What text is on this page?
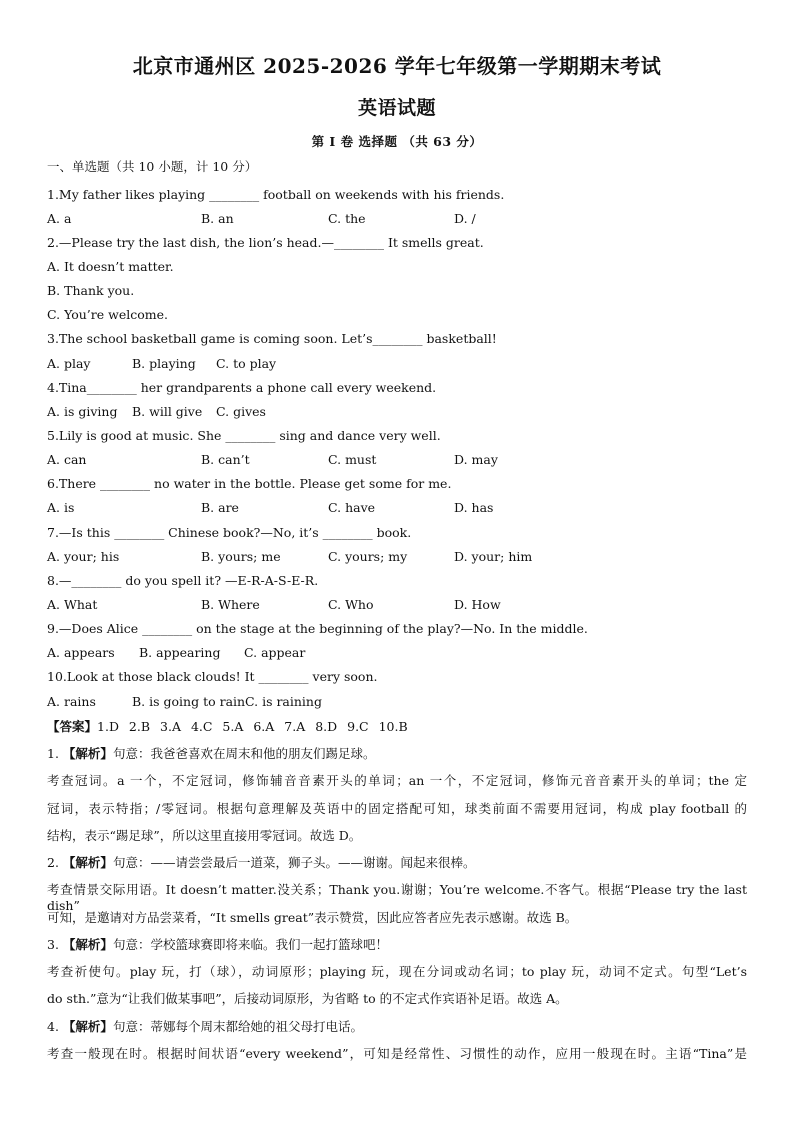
北京市通州区 2025-2026 学年七年级第一学期期末考试
英语试题
第 I 卷 选择题 （共 63 分）
一、单选题（共 10 小题，计 10 分）
1.My father likes playing ________ football on weekends with his friends.
A. a	B. an	C. the	D. /
2.—Please try the last dish, the lion’s head.—________ It smells great.
A. It doesn’t matter.
B. Thank you.
C. You’re welcome.
3.The school basketball game is coming soon. Let’s________ basketball!
A. play	B. playing C. to play
4.Tina________ her grandparents a phone call every weekend.
A. is giving B. will give C. gives
5.Lily is good at music. She ________ sing and dance very well.
A. can	B. can’t	C. must	D. may
6.There ________ no water in the bottle. Please get some for me.
A. is	B. are	C. have	D. has
7.—Is this ________ Chinese book?—No, it’s ________ book.
A. your; his	B. yours; me	C. yours; my	D. your; him
8.—________ do you spell it? —E-R-A-S-E-R.
A. What	B. Where	C. Who	D. How
9.—Does Alice ________ on the stage at the beginning of the play?—No. In the middle.
A. appears B. appearing C. appear
10.Look at those black clouds! It ________ very soon.
A. rains	B. is going to rain C. is raining
【答案】1.D 2.B 3.A 4.C 5.A 6.A 7.A 8.D 9.C 10.B
1. 【解析】句意：我爸爸喜欢在周末和他的朋友们踢足球。
考查冠词。a 一个，不定冠词，修饰辅音音素开头的单词；an 一个，不定冠词，修饰元音音素开头的单词；the 定
冠词，表示特指；/零冠词。根据句意理解及英语中的固定搭配可知，球类前面不需要用冠词，构成 play football 的
结构，表示“踢足球”，所以这里直接用零冠词。故选 D。
2. 【解析】句意：——请尝尝最后一道菜，狮子头。——谢谢。闻起来很棒。
考查情景交际用语。It doesn’t matter.没关系；Thank you.谢谢；You’re welcome.不客气。根据“Please try the last dish”
可知，是邀请对方品尝菜肴，“It smells great”表示赞赏，因此应答者应先表示感谢。故选 B。
3. 【解析】句意：学校篮球赛即将来临。我们一起打篮球吧！
考查祈使句。play 玩，打（球），动词原形；playing 玩，现在分词或动名词；to play 玩，动词不定式。句型“Let’s
do sth.”意为“让我们做某事吧”，后接动词原形，为省略 to 的不定式作宾语补足语。故选 A。
4. 【解析】句意：蒂娜每个周末都给她的祖父母打电话。
考查一般现在时。根据时间状语“every weekend”，可知是经常性、习惯性的动作，应用一般现在时。主语“Tina”是
